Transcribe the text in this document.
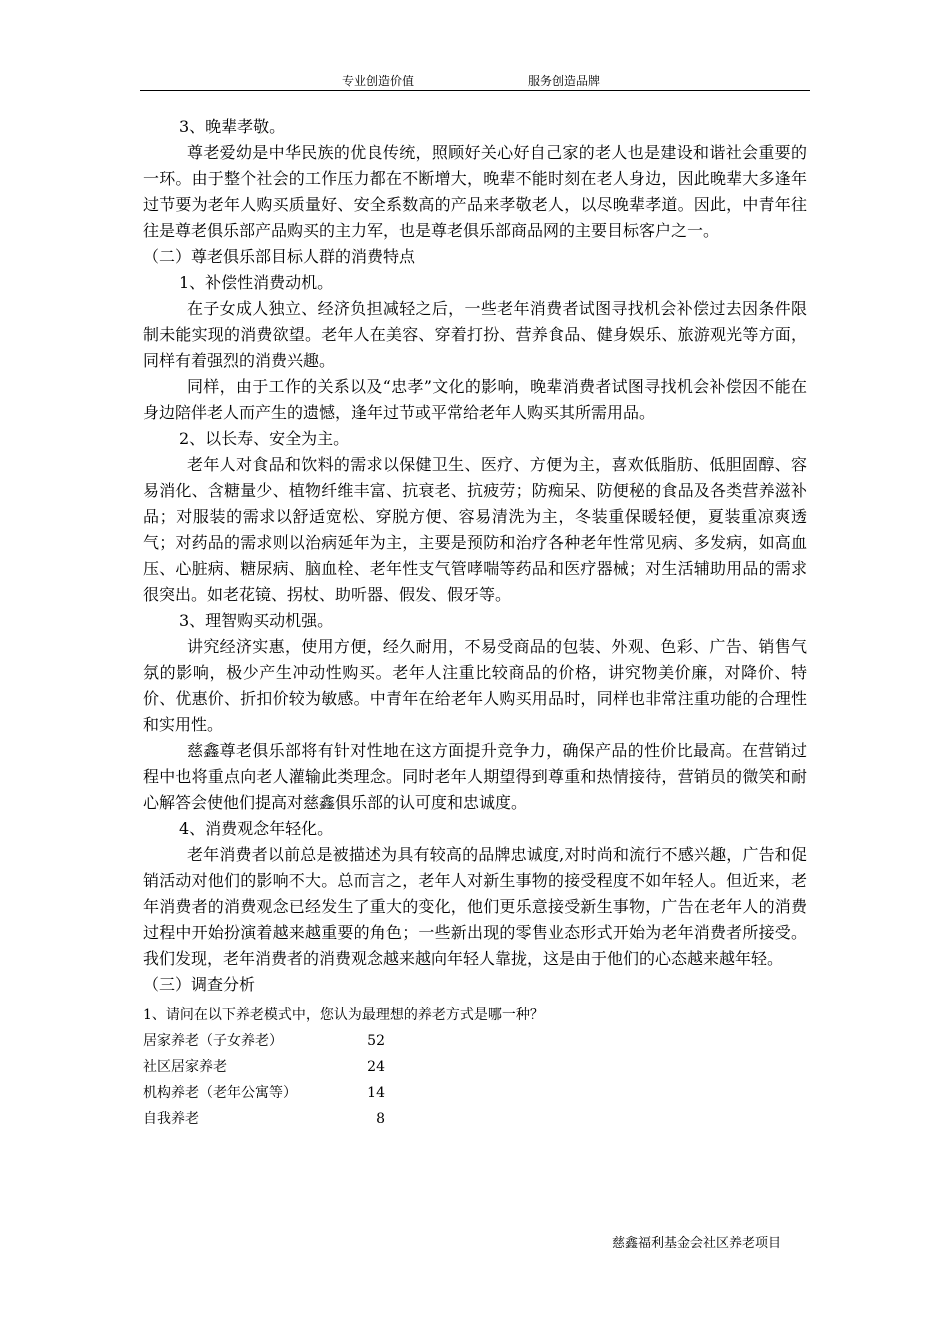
专业创造价值	服务创造品牌

3、晚辈孝敬。

尊老爱幼是中华民族的优良传统，照顾好关心好自己家的老人也是建设和谐社会重要的一环。由于整个社会的工作压力都在不断增大，晚辈不能时刻在老人身边，因此晚辈大多逢年过节要为老年人购买质量好、安全系数高的产品来孝敬老人，以尽晚辈孝道。因此，中青年往往是尊老俱乐部产品购买的主力军，也是尊老俱乐部商品网的主要目标客户之一。

（二）尊老俱乐部目标人群的消费特点

1、补偿性消费动机。

在子女成人独立、经济负担减轻之后，一些老年消费者试图寻找机会补偿过去因条件限制未能实现的消费欲望。老年人在美容、穿着打扮、营养食品、健身娱乐、旅游观光等方面，同样有着强烈的消费兴趣。

同样，由于工作的关系以及“忠孝”文化的影响，晚辈消费者试图寻找机会补偿因不能在身边陪伴老人而产生的遗憾，逢年过节或平常给老年人购买其所需用品。

2、以长寿、安全为主。

老年人对食品和饮料的需求以保健卫生、医疗、方便为主，喜欢低脂肪、低胆固醇、容易消化、含糖量少、植物纤维丰富、抗衰老、抗疲劳；防痴呆、防便秘的食品及各类营养滋补品；对服装的需求以舒适宽松、穿脱方便、容易清洗为主，冬装重保暖轻便，夏装重凉爽透气；对药品的需求则以治病延年为主，主要是预防和治疗各种老年性常见病、多发病，如高血压、心脏病、糖尿病、脑血栓、老年性支气管哮喘等药品和医疗器械；对生活辅助用品的需求很突出。如老花镜、拐杖、助听器、假发、假牙等。

3、理智购买动机强。

讲究经济实惠，使用方便，经久耐用，不易受商品的包装、外观、色彩、广告、销售气氛的影响，极少产生冲动性购买。老年人注重比较商品的价格，讲究物美价廉，对降价、特价、优惠价、折扣价较为敏感。中青年在给老年人购买用品时，同样也非常注重功能的合理性和实用性。

慈鑫尊老俱乐部将有针对性地在这方面提升竞争力，确保产品的性价比最高。在营销过程中也将重点向老人灌输此类理念。同时老年人期望得到尊重和热情接待，营销员的微笑和耐心解答会使他们提高对慈鑫俱乐部的认可度和忠诚度。

4、消费观念年轻化。

老年消费者以前总是被描述为具有较高的品牌忠诚度,对时尚和流行不感兴趣，广告和促销活动对他们的影响不大。总而言之，老年人对新生事物的接受程度不如年轻人。但近来，老年消费者的消费观念已经发生了重大的变化，他们更乐意接受新生事物，广告在老年人的消费过程中开始扮演着越来越重要的角色；一些新出现的零售业态形式开始为老年消费者所接受。我们发现，老年消费者的消费观念越来越向年轻人靠拢，这是由于他们的心态越来越年轻。

（三）调查分析

1、请问在以下养老模式中，您认为最理想的养老方式是哪一种？
居家养老（子女养老）	52
社区居家养老	24
机构养老（老年公寓等）	14
自我养老	8
慈鑫福利基金会社区养老项目
